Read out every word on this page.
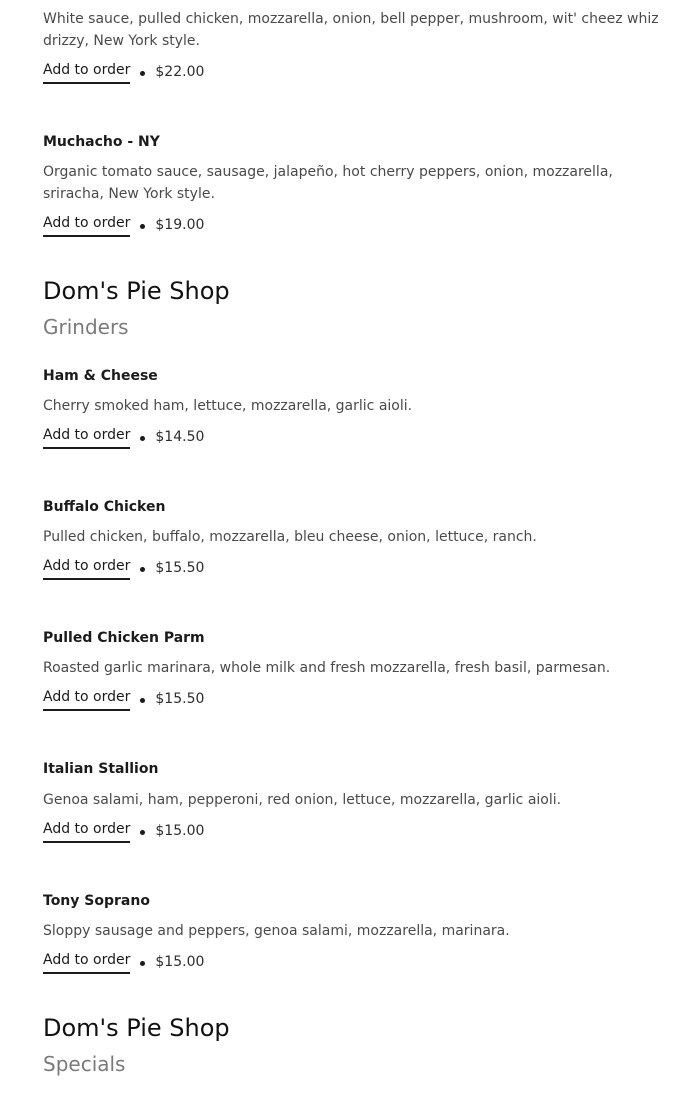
White sauce, pulled chicken, mozzarella, onion, bell pepper, mushroom, wit' cheez whiz drizzy, New York style.
Add to order $22.00
Muchacho - NY
Organic tomato sauce, sausage, jalapeño, hot cherry peppers, onion, mozzarella, sriracha, New York style.
Add to order $19.00
Dom's Pie Shop
Grinders
Ham & Cheese
Cherry smoked ham, lettuce, mozzarella, garlic aioli.
Add to order $14.50
Buffalo Chicken
Pulled chicken, buffalo, mozzarella, bleu cheese, onion, lettuce, ranch.
Add to order $15.50
Pulled Chicken Parm
Roasted garlic marinara, whole milk and fresh mozzarella, fresh basil, parmesan.
Add to order $15.50
Italian Stallion
Genoa salami, ham, pepperoni, red onion, lettuce, mozzarella, garlic aioli.
Add to order $15.00
Tony Soprano
Sloppy sausage and peppers, genoa salami, mozzarella, marinara.
Add to order $15.00
Dom's Pie Shop
Specials
